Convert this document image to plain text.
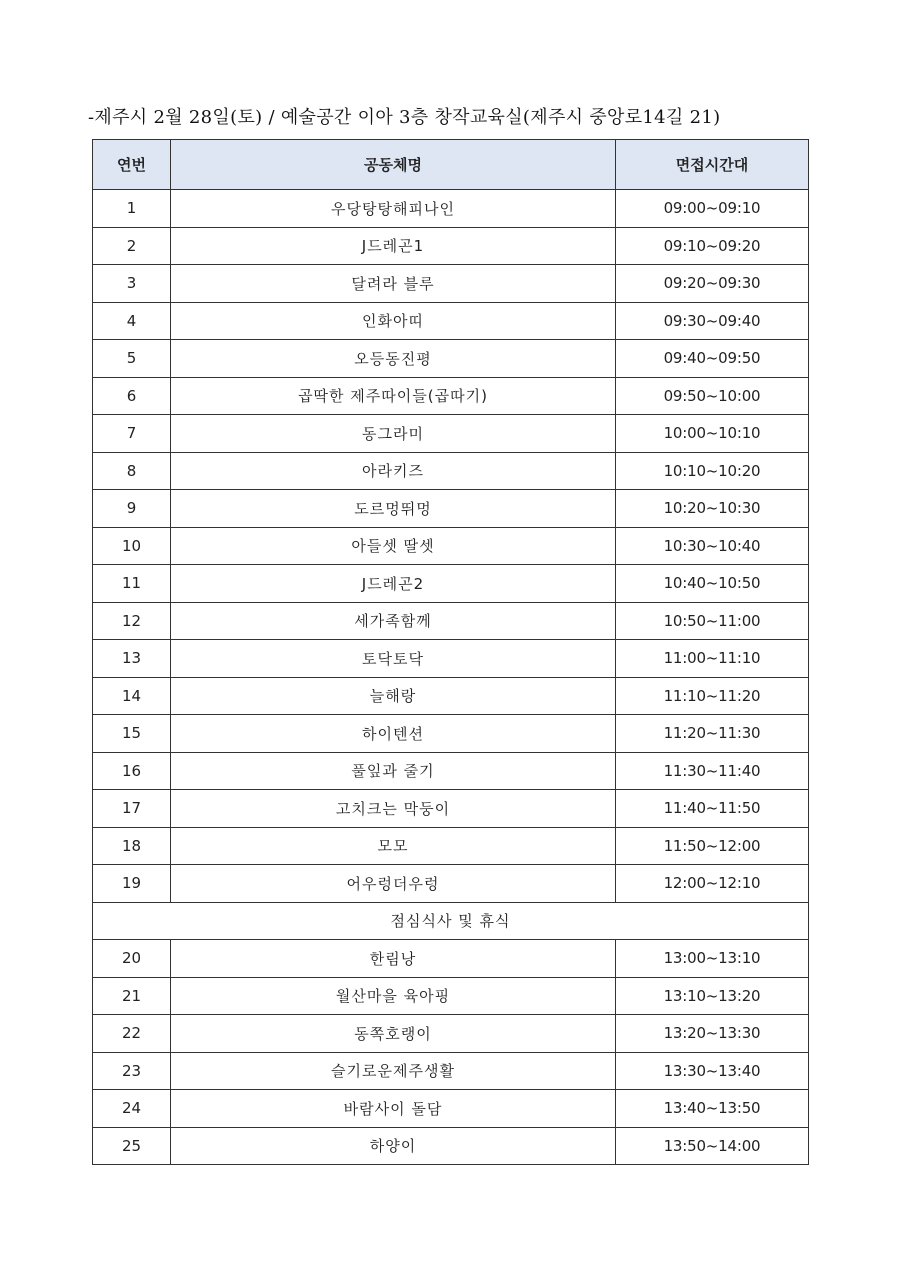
-제주시 2월 28일(토) / 예술공간 이아 3층 창작교육실(제주시 중앙로14길 21)
연번	공동체명	면접시간대
1	우당탕탕해피나인	09:00~09:10
2	J드레곤1	09:10~09:20
3	달려라 블루	09:20~09:30
4	인화아띠	09:30~09:40
5	오등동진평	09:40~09:50
6	곱딱한 제주따이들(곱따기)	09:50~10:00
7	동그라미	10:00~10:10
8	아라키즈	10:10~10:20
9	도르멍뛰멍	10:20~10:30
10	아들셋 딸셋	10:30~10:40
11	J드레곤2	10:40~10:50
12	세가족함께	10:50~11:00
13	토닥토닥	11:00~11:10
14	늘해랑	11:10~11:20
15	하이텐션	11:20~11:30
16	풀잎과 줄기	11:30~11:40
17	고치크는 막둥이	11:40~11:50
18	모모	11:50~12:00
19	어우렁더우렁	12:00~12:10
점심식사 및 휴식		
20	한림낭	13:00~13:10
21	월산마을 육아핑	13:10~13:20
22	동쪽호랭이	13:20~13:30
23	슬기로운제주생활	13:30~13:40
24	바람사이 돌담	13:40~13:50
25	하양이	13:50~14:00
